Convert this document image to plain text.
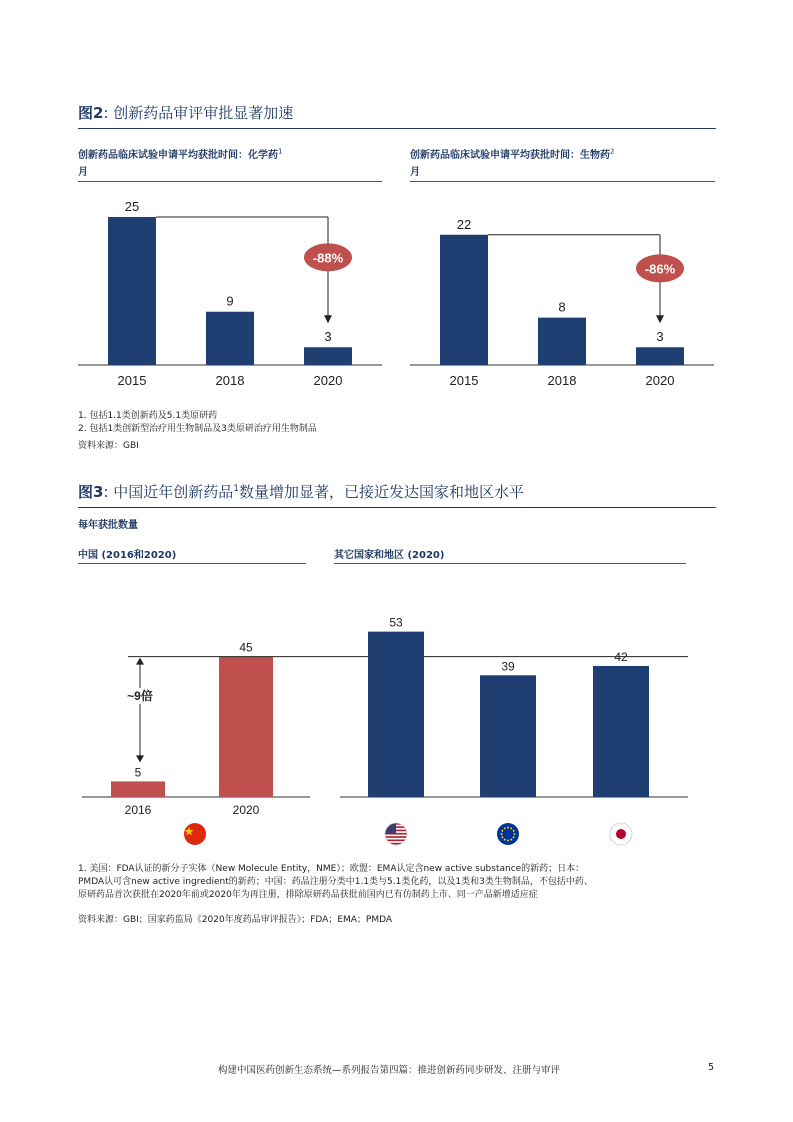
图2: 创新药品审评审批显著加速
创新药品临床试验申请平均获批时间：化学药$^1$
月
创新药品临床试验申请平均获批时间：生物药$^2$
月
25
2015
9
2018
3
2020
-88%
22
2015
8
2018
3
2020
-86%
1. 包括1.1类创新药及5.1类原研药
2. 包括1类创新型治疗用生物制品及3类原研治疗用生物制品
资料来源：GBI
图3: 中国近年创新药品$^1$数量增加显著，已接近发达国家和地区水平
每年获批数量
中国 (2016和2020)	其它国家和地区 (2020)
5
2016
45
2020
~9倍
53
39
42
1. 美国：FDA认证的新分子实体（New Molecule Entity，NME）；欧盟：EMA认定含new active substance的新药；日本：
PMDA认可含new active ingredient的新药；中国：药品注册分类中1.1类与5.1类化药，以及1类和3类生物制品，不包括中药、
原研药品首次获批在2020年前或2020年为再注册，排除原研药品获批前国内已有仿制药上市、同一产品新增适应症
资料来源：GBI；国家药监局《2020年度药品审评报告》；FDA；EMA；PMDA
构建中国医药创新生态系统—系列报告第四篇：推进创新药同步研发、注册与审评	5
